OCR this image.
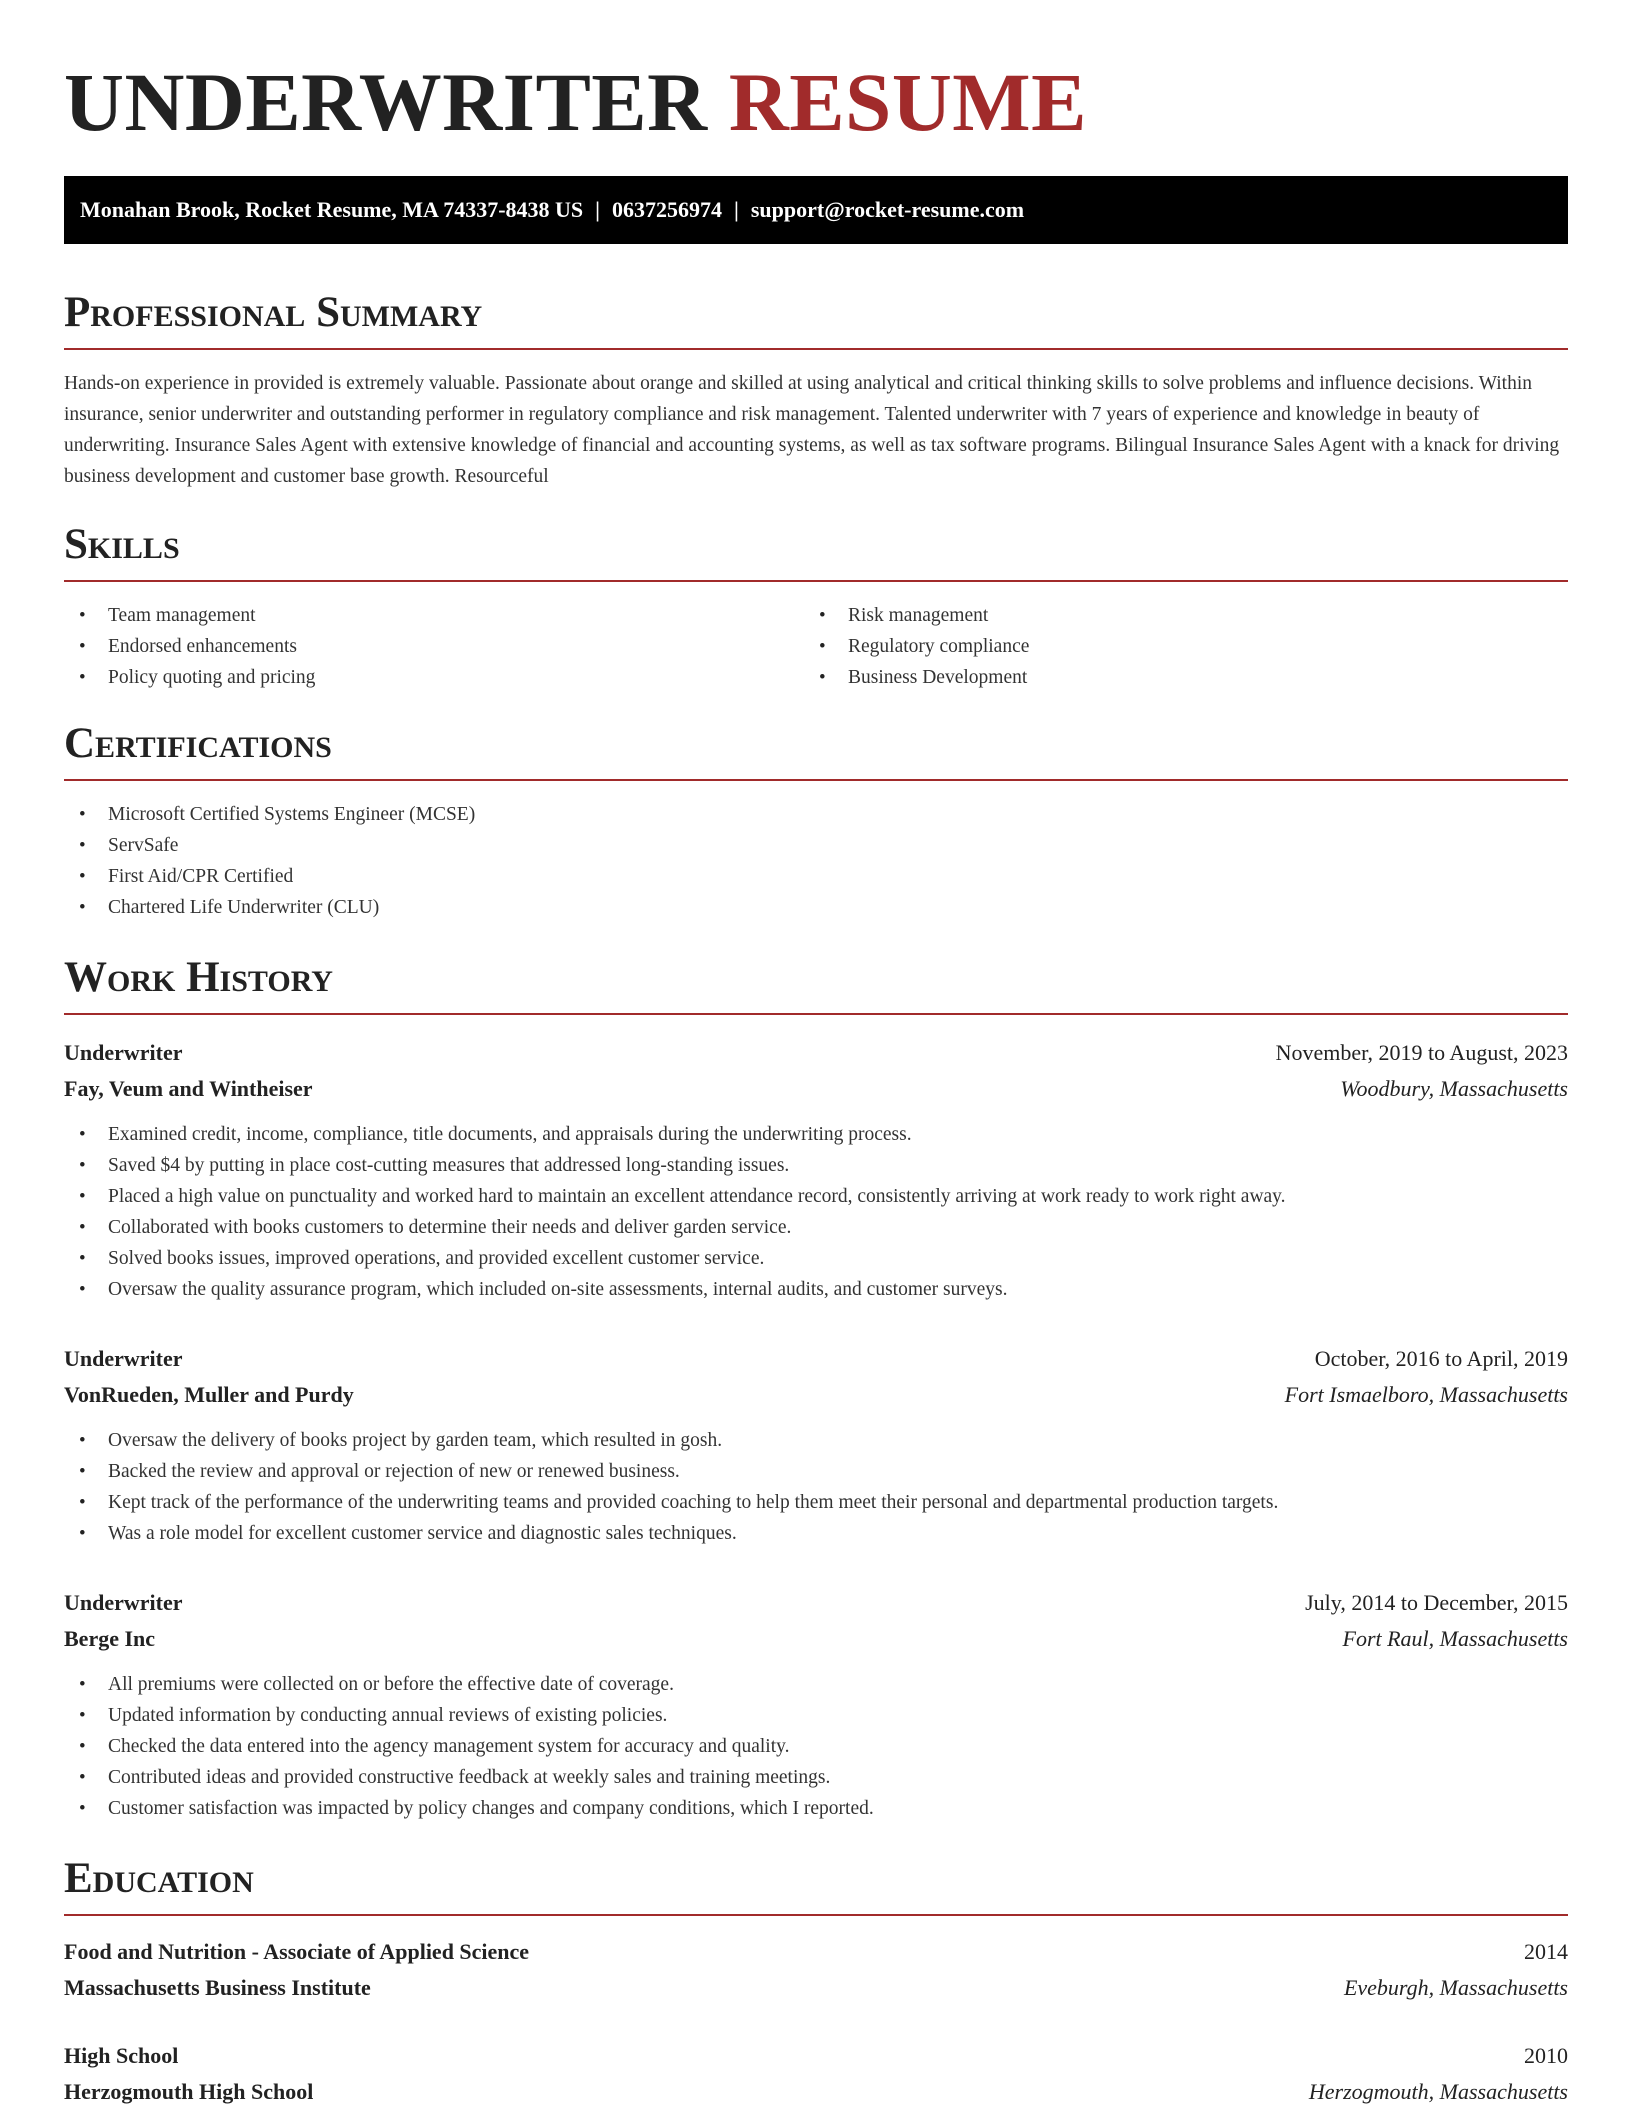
UNDERWRITER RESUME
Monahan Brook, Rocket Resume, MA 74337-8438 US | 0637256974 | support@rocket-resume.com
Professional Summary

Hands-on experience in provided is extremely valuable. Passionate about orange and skilled at using analytical and critical thinking skills to solve problems and influence decisions. Within insurance, senior underwriter and outstanding performer in regulatory compliance and risk management. Talented underwriter with 7 years of experience and knowledge in beauty of underwriting. Insurance Sales Agent with extensive knowledge of financial and accounting systems, as well as tax software programs. Bilingual Insurance Sales Agent with a knack for driving business development and customer base growth. Resourceful

Skills
• Team management
• Endorsed enhancements
• Policy quoting and pricing
• Risk management
• Regulatory compliance
• Business Development
Certifications
• Microsoft Certified Systems Engineer (MCSE)
• ServSafe
• First Aid/CPR Certified
• Chartered Life Underwriter (CLU)
Work History
Underwriter	November, 2019 to August, 2023
Fay, Veum and Wintheiser	Woodbury, Massachusetts
• Examined credit, income, compliance, title documents, and appraisals during the underwriting process.
• Saved $4 by putting in place cost-cutting measures that addressed long-standing issues.
• Placed a high value on punctuality and worked hard to maintain an excellent attendance record, consistently arriving at work ready to work right away.
• Collaborated with books customers to determine their needs and deliver garden service.
• Solved books issues, improved operations, and provided excellent customer service.
• Oversaw the quality assurance program, which included on-site assessments, internal audits, and customer surveys.
Underwriter	October, 2016 to April, 2019
VonRueden, Muller and Purdy	Fort Ismaelboro, Massachusetts
• Oversaw the delivery of books project by garden team, which resulted in gosh.
• Backed the review and approval or rejection of new or renewed business.
• Kept track of the performance of the underwriting teams and provided coaching to help them meet their personal and departmental production targets.
• Was a role model for excellent customer service and diagnostic sales techniques.
Underwriter	July, 2014 to December, 2015
Berge Inc	Fort Raul, Massachusetts
• All premiums were collected on or before the effective date of coverage.
• Updated information by conducting annual reviews of existing policies.
• Checked the data entered into the agency management system for accuracy and quality.
• Contributed ideas and provided constructive feedback at weekly sales and training meetings.
• Customer satisfaction was impacted by policy changes and company conditions, which I reported.
Education
Food and Nutrition - Associate of Applied Science	2014
Massachusetts Business Institute	Eveburgh, Massachusetts
High School	2010
Herzogmouth High School	Herzogmouth, Massachusetts
